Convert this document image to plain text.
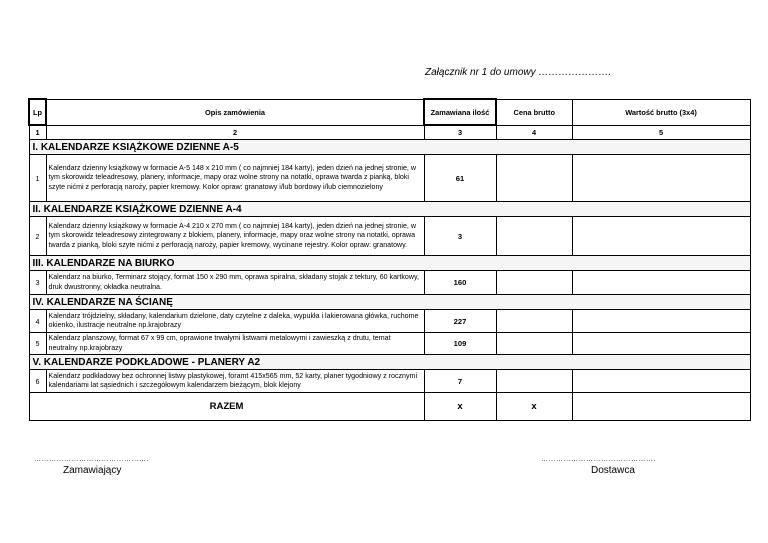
Załącznik nr 1 do umowy ………………….
Lp	Opis zamówienia	Zamawiana ilość	Cena brutto	Wartość brutto (3x4)
1	2	3	4	5
I. KALENDARZE KSIĄŻKOWE DZIENNE A-5				
1	Kalendarz dzienny książkowy w formacie A-5 148 x 210 mm ( co najmniej 184 karty), jeden dzień na jednej stronie, w tym skorowidz teleadresowy, planery, informacje, mapy oraz wolne strony na notatki, oprawa twarda z pianką, bloki szyte nićmi z perforacją naroży, papier kremowy. Kolor opraw: granatowy i/lub bordowy i/lub ciemnozielony	61		
II. KALENDARZE KSIĄŻKOWE DZIENNE A-4				
2	Kalendarz dzienny książkowy w formacie A-4 210 x 270 mm ( co najmniej 184 karty), jeden dzień na jednej stronie, w tym skorowidz teleadresowy zintegrowany z blokiem, planery, informacje, mapy oraz wolne strony na notatki, oprawa twarda z pianką, bloki szyte nićmi z perforacją naroży, papier kremowy, wycinane rejestry. Kolor opraw: granatowy.	3		
III. KALENDARZE NA BIURKO				
3	Kalendarz na biurko, Terminarz stojący, format 150 x 290 mm, oprawa spiralna, składany stojak z tektury, 60 kartkowy, druk dwustronny, okładka neutralna.	160		
IV. KALENDARZE NA ŚCIANĘ				
4	Kalendarz trójdzielny, składany, kalendarium dzielone, daty czytelne z daleka, wypukła i lakierowana główka, ruchome okienko, ilustracje neutralne np.krajobrazy	227		
5	Kalendarz planszowy, format 67 x 99 cm, oprawione trwałymi listwami metalowymi i zawieszką z drutu, temat neutralny np.krajobrazy	109		
V. KALENDARZE PODKŁADOWE - PLANERY A2				
6	Kalendarz podkładowy bez ochronnej listwy plastykowej, foramt 415x565 mm, 52 karty, planer tygodniowy z rocznymi kalendariami lat sąsiednich i szczegółowym kalendarzem bieżącym, blok klejony	7		
RAZEM		x	x	
……………………………………….
Zamawiający
……………………………………….
Dostawca
